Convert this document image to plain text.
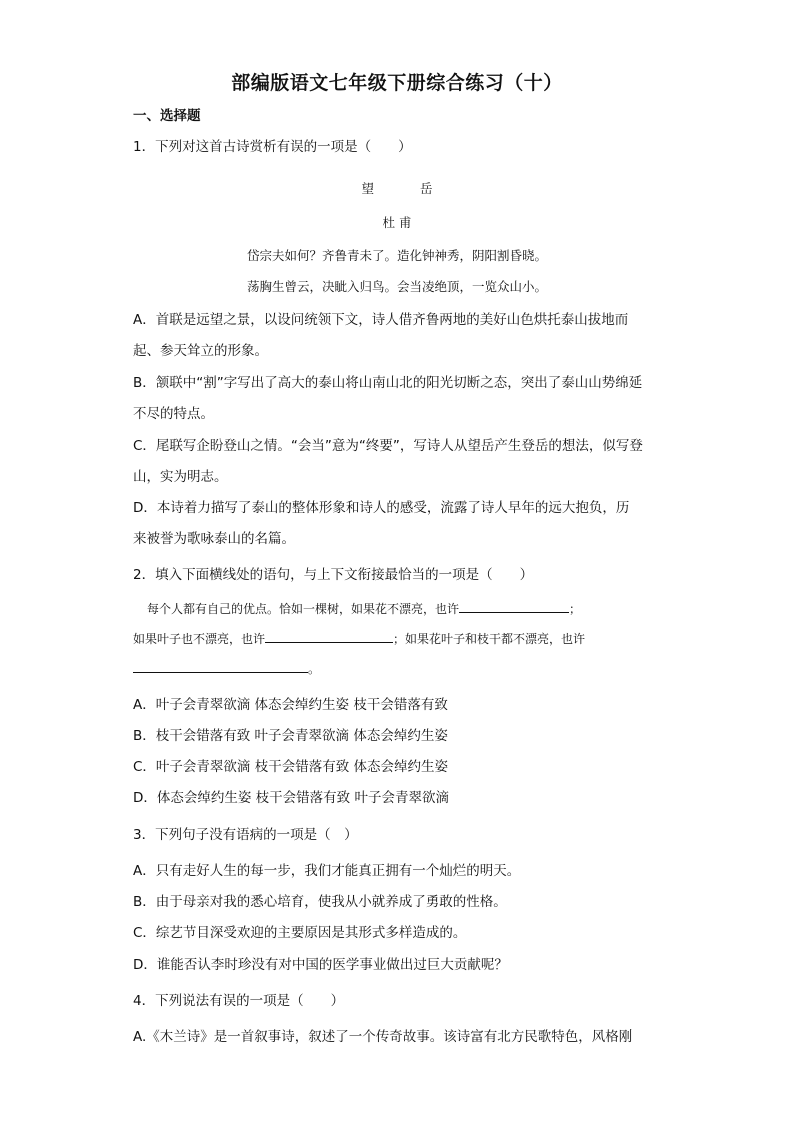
部编版语文七年级下册综合练习（十）
一、选择题
1．下列对这首古诗赏析有误的一项是（　　）
望	岳
杜 甫
岱宗夫如何？齐鲁青未了。造化钟神秀，阴阳割昏晓。
荡胸生曾云，决眦入归鸟。会当凌绝顶，一览众山小。
A．首联是远望之景，以设问统领下文，诗人借齐鲁两地的美好山色烘托泰山拔地而
起、参天耸立的形象。
B．颔联中“割”字写出了高大的泰山将山南山北的阳光切断之态，突出了泰山山势绵延
不尽的特点。
C．尾联写企盼登山之情。“会当”意为“终要”，写诗人从望岳产生登岳的想法，似写登
山，实为明志。
D．本诗着力描写了泰山的整体形象和诗人的感受，流露了诗人早年的远大抱负，历
来被誉为歌咏泰山的名篇。
2．填入下面横线处的语句，与上下文衔接最恰当的一项是（　　）
每个人都有自己的优点。恰如一棵树，如果花不漂亮，也许	；
如果叶子也不漂亮，也许	；如果花叶子和枝干都不漂亮，也许
。
A．叶子会青翠欲滴 体态会绰约生姿 枝干会错落有致
B．枝干会错落有致 叶子会青翠欲滴 体态会绰约生姿
C．叶子会青翠欲滴 枝干会错落有致 体态会绰约生姿
D．体态会绰约生姿 枝干会错落有致 叶子会青翠欲滴
3．下列句子没有语病的一项是（　）
A．只有走好人生的每一步，我们才能真正拥有一个灿烂的明天。
B．由于母亲对我的悉心培育，使我从小就养成了勇敢的性格。
C．综艺节目深受欢迎的主要原因是其形式多样造成的。
D．谁能否认李时珍没有对中国的医学事业做出过巨大贡献呢？
4．下列说法有误的一项是（　　）
A.《木兰诗》是一首叙事诗，叙述了一个传奇故事。该诗富有北方民歌特色，风格刚
